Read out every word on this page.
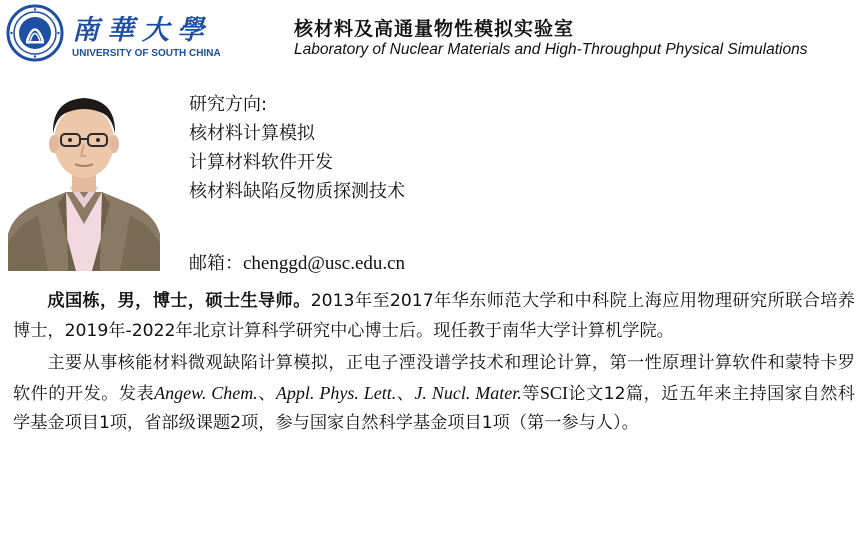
南華大學
UNIVERSITY OF SOUTH CHINA
核材料及高通量物性模拟实验室
Laboratory of Nuclear Materials and High-Throughput Physical Simulations
研究方向:
核材料计算模拟
计算材料软件开发
核材料缺陷反物质探测技术
邮箱：chenggd@usc.edu.cn

成国栋，男，博士，硕士生导师。2013年至2017年华东师范大学和中科院上海应用物理研究所联合培养博士，2019年-2022年北京计算科学研究中心博士后。现任教于南华大学计算机学院。

主要从事核能材料微观缺陷计算模拟，正电子湮没谱学技术和理论计算，第一性原理计算软件和蒙特卡罗软件的开发。发表Angew. Chem.、Appl. Phys. Lett.、J. Nucl. Mater.等SCI论文12篇，近五年来主持国家自然科学基金项目1项，省部级课题2项，参与国家自然科学基金项目1项（第一参与人）。
